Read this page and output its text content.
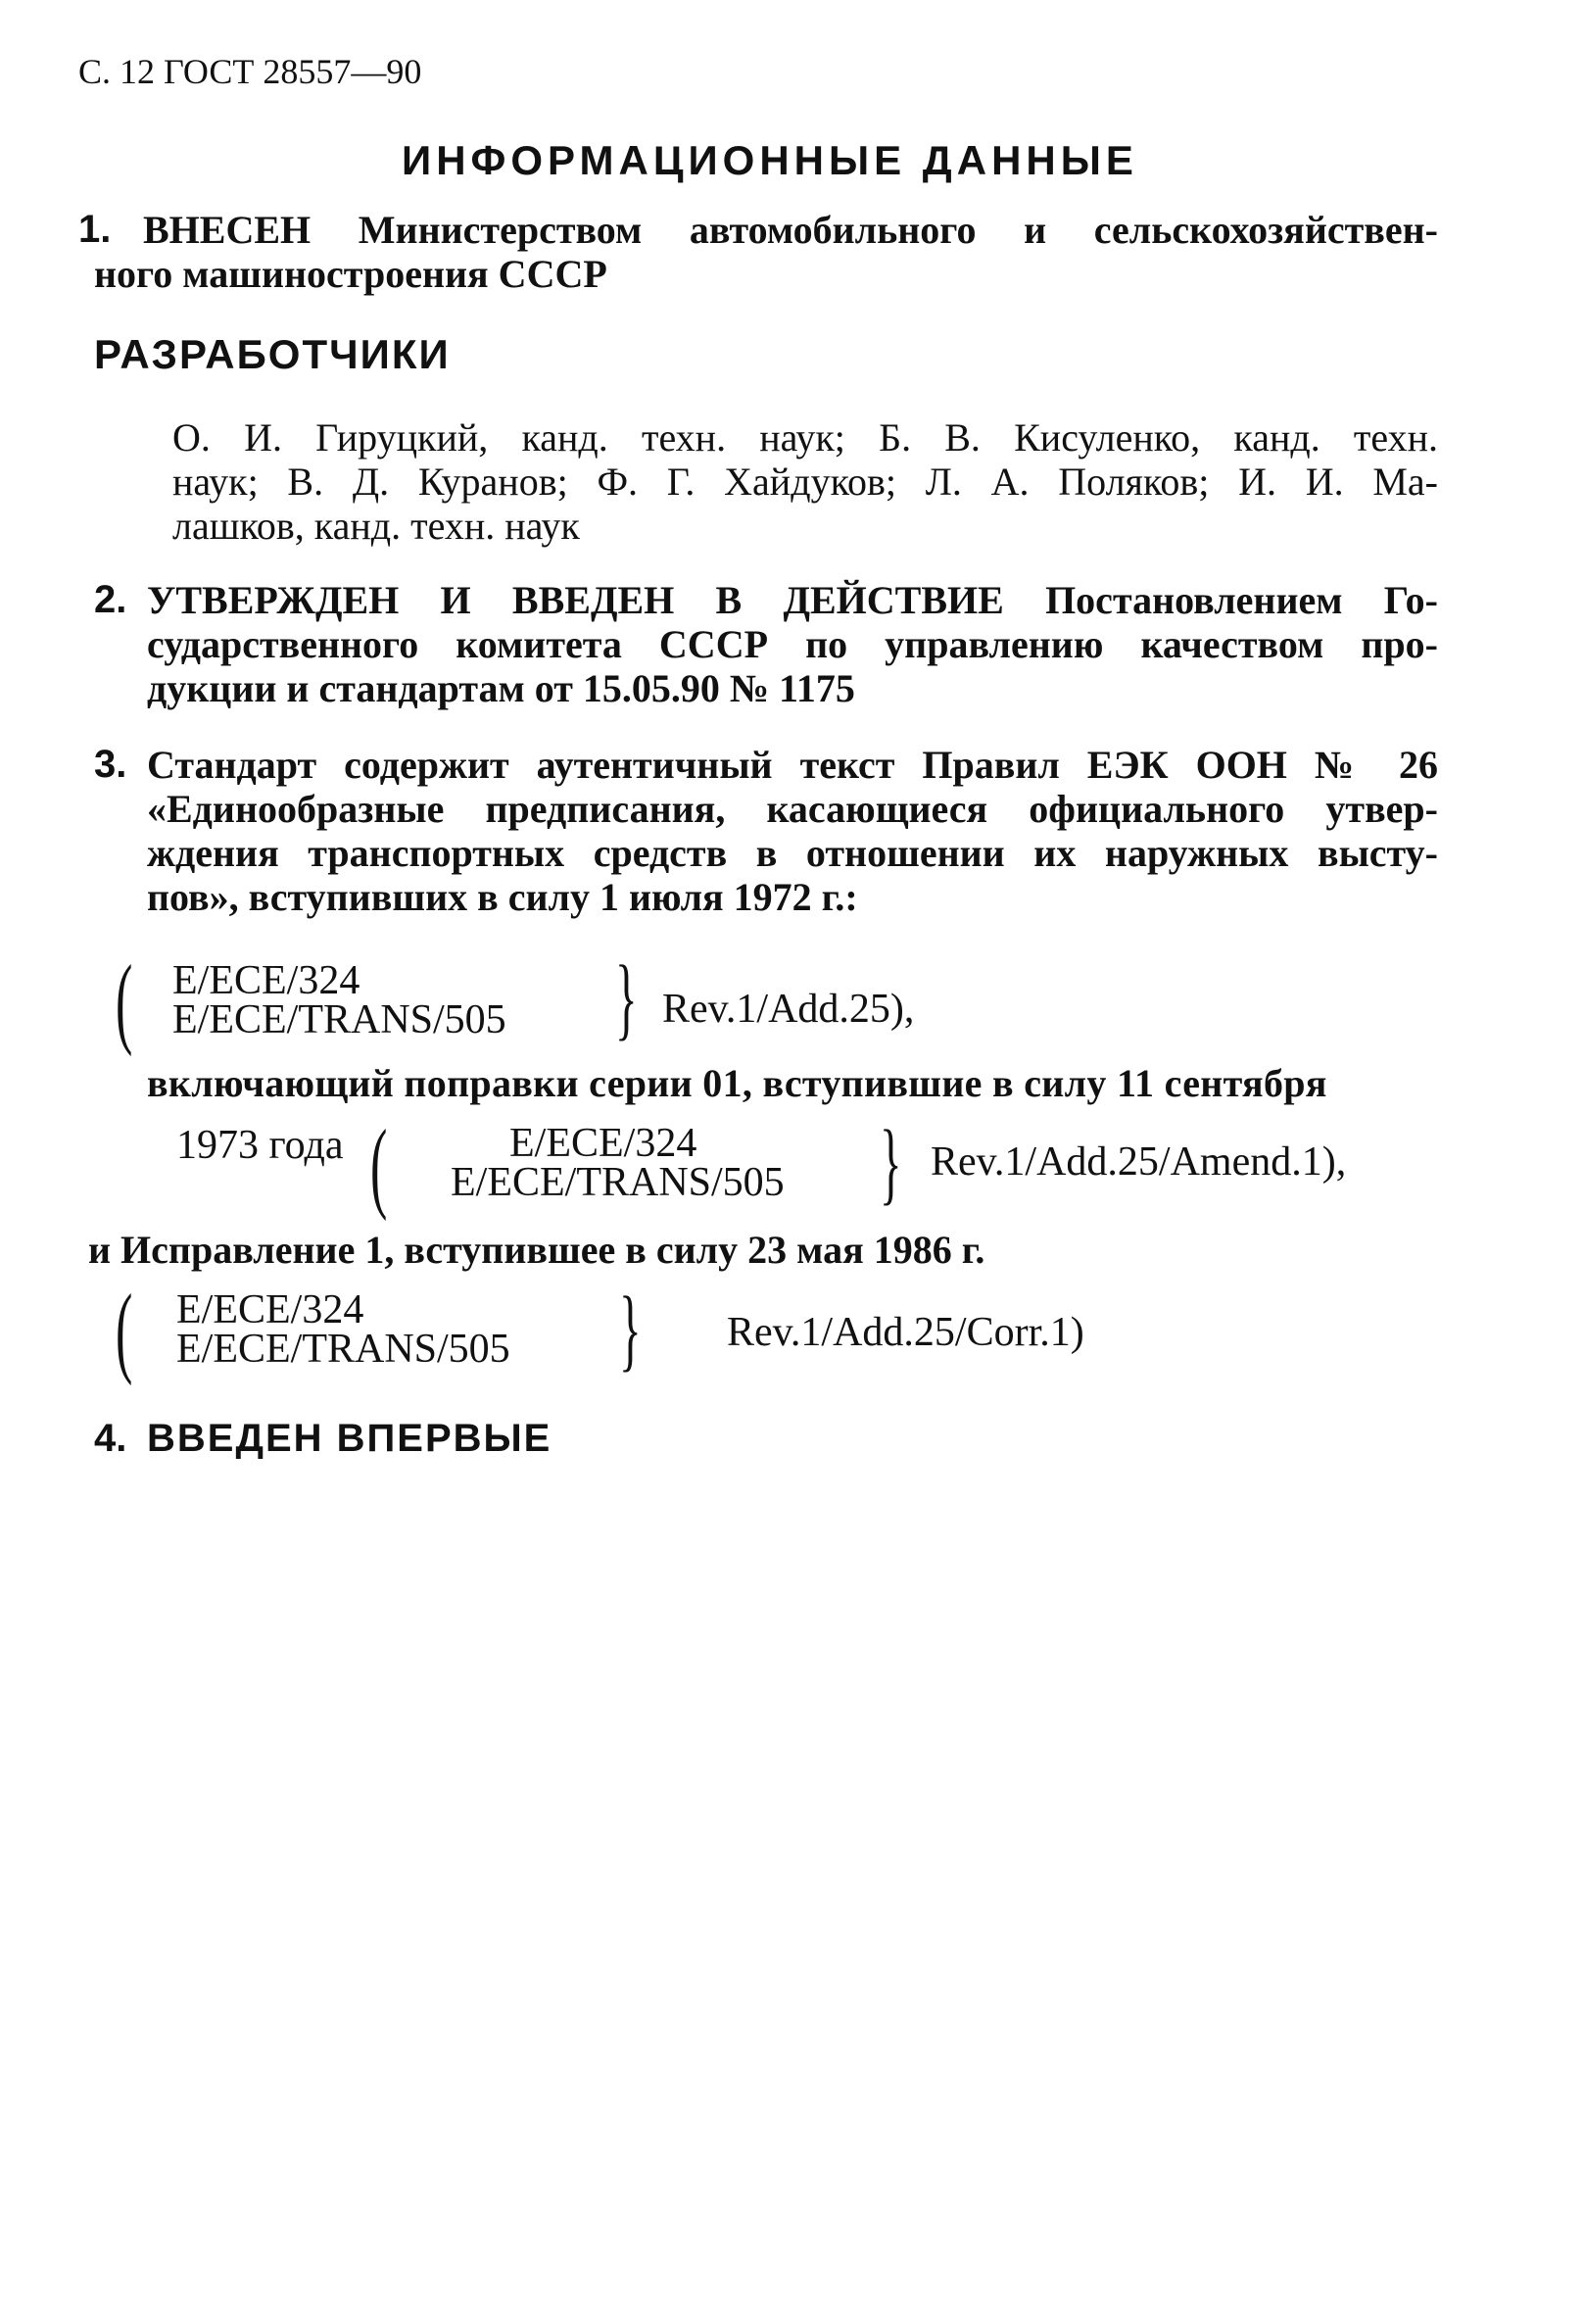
С. 12 ГОСТ 28557—90
ИНФОРМАЦИОННЫЕ ДАННЫЕ
1. ВНЕСЕН Министерством автомобильного и сельскохозяйствен-
ного машиностроения СССР
РАЗРАБОТЧИКИ
О. И. Гируцкий, канд. техн. наук; Б. В. Кисуленко, канд. техн.
наук; В. Д. Куранов; Ф. Г. Хайдуков; Л. А. Поляков; И. И. Ма-
лашков, канд. техн. наук
2. УТВЕРЖДЕН И ВВЕДЕН В ДЕЙСТВИЕ Постановлением Го-
сударственного комитета СССР по управлению качеством про-
дукции и стандартам от 15.05.90 № 1175
3. Стандарт содержит аутентичный текст Правил ЕЭК ООН № 26
«Единообразные предписания, касающиеся официального утвер-
ждения транспортных средств в отношении их наружных высту-
пов», вступивших в силу 1 июля 1972 г.:
( E/ECE/324
E/ECE/TRANS/505 } Rev.1/Add.25),
включающий поправки серии 01, вступившие в силу 11 сентября
1973 года (	E/ECE/324
E/ECE/TRANS/505 } Rev.1/Add.25/Amend.1),
и Исправление 1, вступившее в силу 23 мая 1986 г.
( E/ECE/324
E/ECE/TRANS/505 } Rev.1/Add.25/Corr.1)
4. ВВЕДЕН ВПЕРВЫЕ
